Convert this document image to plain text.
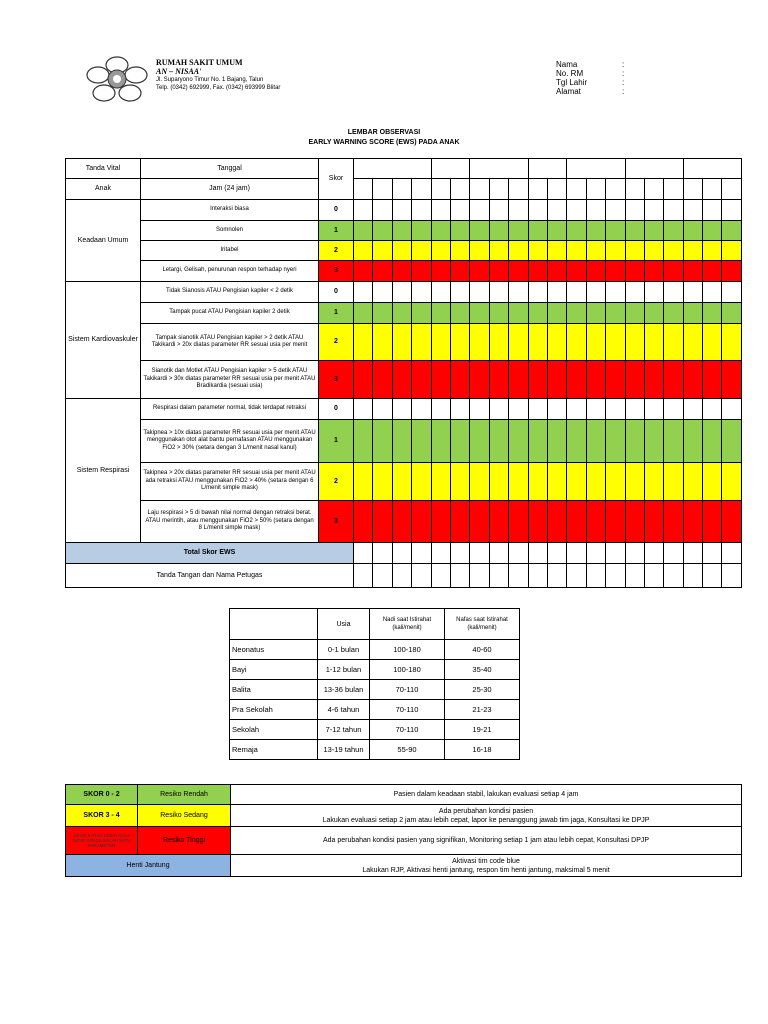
RUMAH SAKIT UMUM
AN – NISAA'
Jl. Suparyono Timur No. 1 Bajang, Talun
Telp. (0342) 692999, Fax. (0342) 693999 Blitar
Nama	:
No. RM	:
Tgl Lahir	:
Alamat	:
LEMBAR OBSERVASI
EARLY WARNING SCORE (EWS) PADA ANAK
Tanda Vital	Tanggal	Skor																				
Anak	Jam (24 jam)																					
Keadaan Umum	Interaksi biasa	0																				
	Somnolen	1																				
	Iritabel	2																				
	Letargi, Gelisah, penurunan respon terhadap nyeri	3																				
Sistem Kardiovaskuler	Tidak Sianosis ATAU Pengisian kapiler < 2 detik	0																				
	Tampak pucat ATAU Pengisian kapiler 2 detik	1																				
	Tampak sianotik ATAU Pengisian kapiler > 2 detik ATAU Takikardi > 20x diatas parameter RR sesuai usia per menit	2																				
	Sianotik dan Motlet ATAU Pengisian kapiler > 5 detik ATAU Takikardi > 30x diatas parameter RR sesuai usia per menit ATAU Bradikardia (sesuai usia)	3																				
Sistem Respirasi	Respirasi dalam parameter normal, tidak terdapat retraksi	0																				
	Takipnea > 10x diatas parameter RR sesuai usia per menit ATAU menggunakan otot alat bantu pernafasan ATAU menggunakan FiO2 > 30% (setara dengan 3 L/menit nasal kanul)	1																				
	Takipnea > 20x diatas parameter RR sesuai usia per menit ATAU ada retraksi ATAU menggunakan FiO2 > 40% (setara dengan 6 L/menit simple mask)	2																				
	Laju respirasi > 5 di bawah nilai normal dengan retraksi berat. ATAU merintih, atau menggunakan FiO2 > 50% (setara dengan 8 L/menit simple mask)	3																				
Total Skor EWS																						
Tanda Tangan dan Nama Petugas																						
	Usia	Nadi saat Istirahat (kali/menit)	Nafas saat Istirahat (kali/menit)
Neonatus	0-1 bulan	100-180	40-60
Bayi	1-12 bulan	100-180	35-40
Balita	13-36 bulan	70-110	25-30
Pra Sekolah	4-6 tahun	70-110	21-23
Sekolah	7-12 tahun	70-110	19-21
Remaja	13-19 tahun	55-90	16-18
SKOR 0 - 2	Resiko Rendah	Pasien dalam keadaan stabil, lakukan evaluasi setiap 4 jam
SKOR 3 - 4	Resiko Sedang	Ada perubahan kondisi pasien
Lakukan evaluasi setiap 2 jam atau lebih cepat, lapor ke penanggung jawab tim jaga, Konsultasi ke DPJP

SKOR 5 ATAU LEBIH ATAU SKOR 3 PADA SALAH SATU PARAMETER	Resiko Tinggi	Ada perubahan kondisi pasien yang signifikan, Monitoring setiap 1 jam atau lebih cepat, Konsultasi DPJP
Henti Jantung		Aktivasi tim code blue
Lakukan RJP, Aktivasi henti jantung, respon tim henti jantung, maksimal 5 menit
